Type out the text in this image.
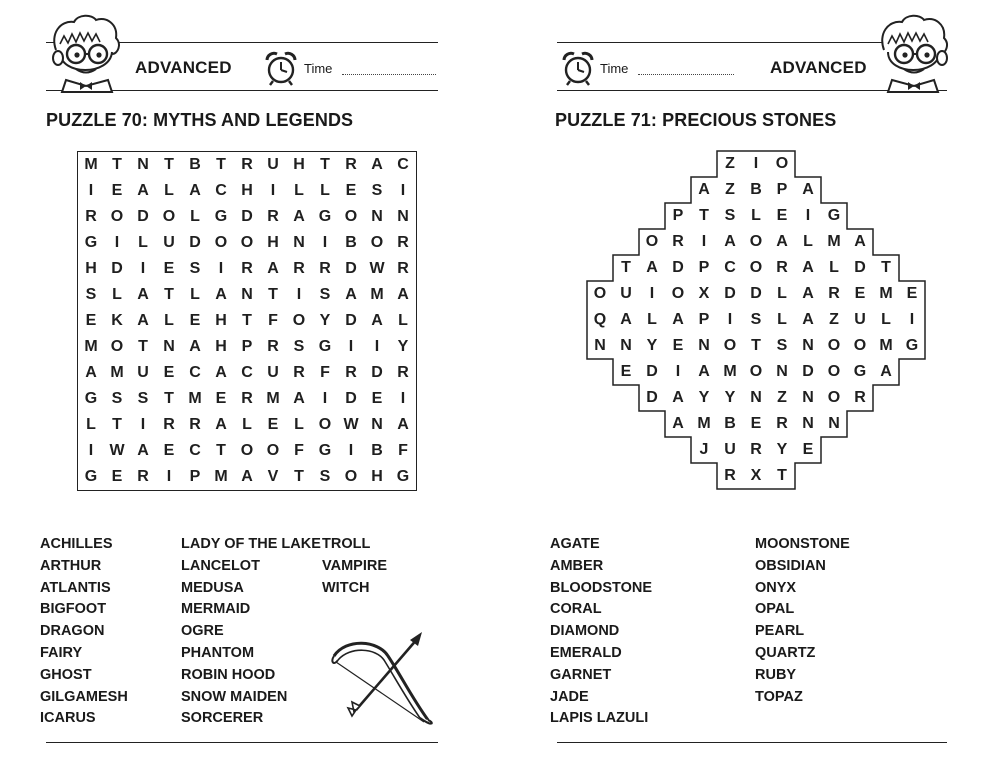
ADVANCED	Time
PUZZLE 70: MYTHS AND LEGENDS
M T N T B T R U H T R A C
I	E A L A C H	I	L	L E S	I
R O D O L G D R A G O N N
G	I	L U D O O H N	I	B O R
H D	I	E S	I	R A R R D W R
S L A T	L A N T	I	S A M A
E K A L E H T	F O Y D A L
M O T N A H P R S G	I	I	Y
A M U E C A C U R F R D R
G S S T M E R M A	I	D E	I
L	T	I	R R A L E L O W N A
I	W A E C T O O F G	I	B F
G E R	I	P M A V T S O H G
ACHILLES
ARTHUR
ATLANTIS
BIGFOOT
DRAGON
FAIRY
GHOST
GILGAMESH
ICARUS
LADY OF THE LAKE
LANCELOT
MEDUSA
MERMAID
OGRE
PHANTOM
ROBIN HOOD
SNOW MAIDEN
SORCERER
TROLL
VAMPIRE
WITCH
Time	ADVANCED
PUZZLE 71: PRECIOUS STONES
Z	I	O
A Z B P A
P T S L E	I	G
O R	I	A O A L M A
T A D P C O R A L D T
O U	I	O X D D L A R E M E
Q A L A P	I	S L A Z U L	I
N N Y E N O T S N O O M G
E D	I	A M O N D O G A
D A Y Y N Z N O R
A M B E R N N
J U R Y E
R X T
AGATE
AMBER
BLOODSTONE
CORAL
DIAMOND
EMERALD
GARNET
JADE
LAPIS LAZULI
MOONSTONE
OBSIDIAN
ONYX
OPAL
PEARL
QUARTZ
RUBY
TOPAZ
